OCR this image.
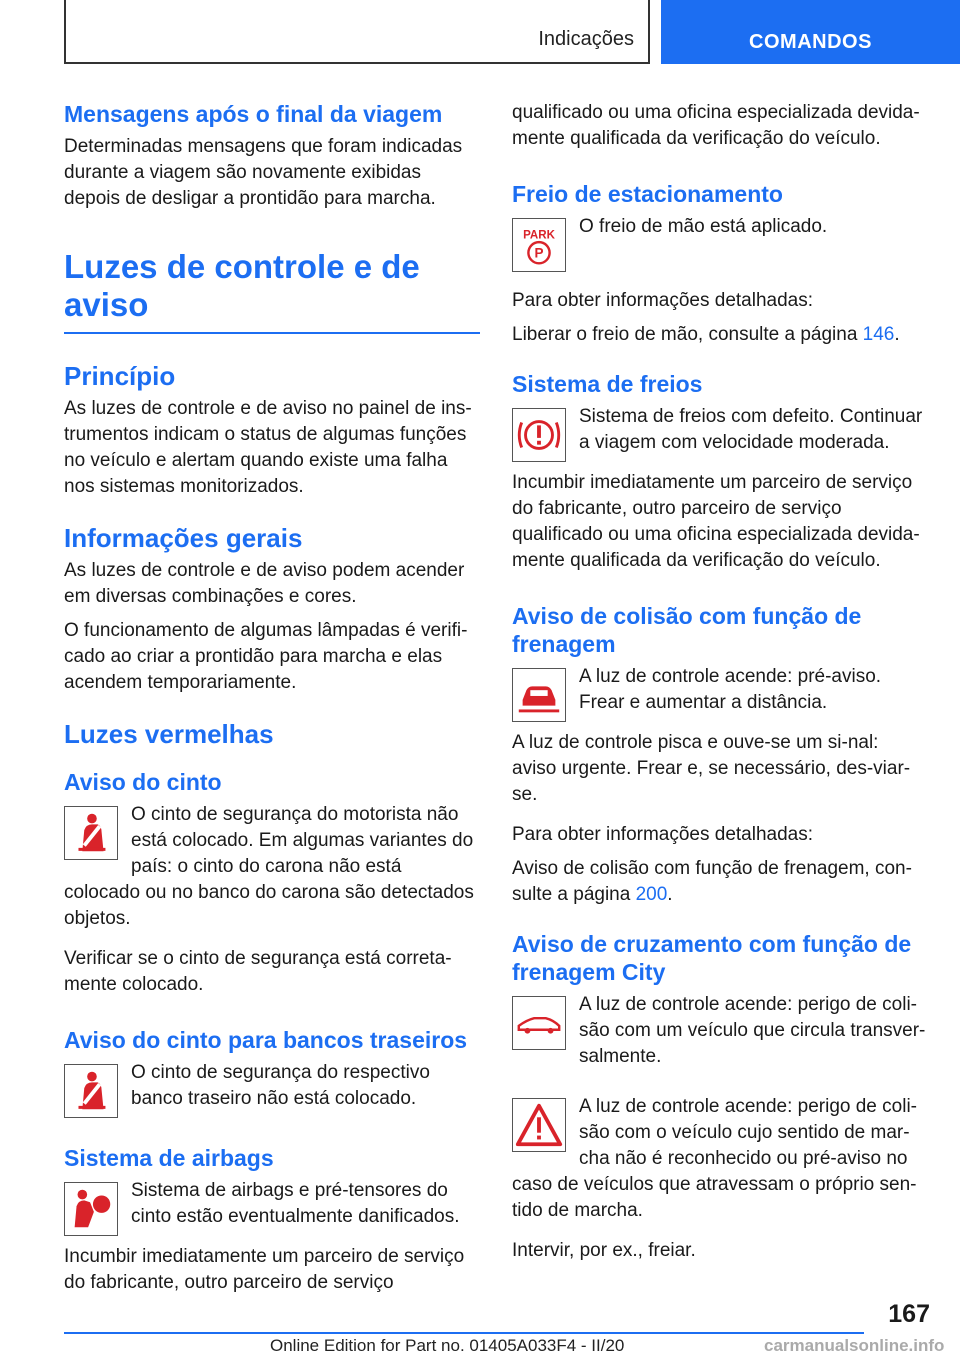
Indicações	COMANDOS
Mensagens após o final da viagem

Determinadas mensagens que foram indicadas durante a viagem são novamente exibidas depois de desligar a prontidão para marcha.

Luzes de controle e de aviso
Princípio

As luzes de controle e de aviso no painel de ins-trumentos indicam o status de algumas funções no veículo e alertam quando existe uma falha nos sistemas monitorizados.

Informações gerais

As luzes de controle e de aviso podem acender em diversas combinações e cores.

O funcionamento de algumas lâmpadas é verifi-cado ao criar a prontidão para marcha e elas acendem temporariamente.

Luzes vermelhas
Aviso do cinto

O cinto de segurança do motorista não está colocado. Em algumas variantes do país: o cinto do carona não está colocado ou no banco do carona são detectados objetos.

Verificar se o cinto de segurança está correta-mente colocado.

Aviso do cinto para bancos traseiros

O cinto de segurança do respectivo banco traseiro não está colocado.

Sistema de airbags

Sistema de airbags e pré-tensores do cinto estão eventualmente danificados.

Incumbir imediatamente um parceiro de serviço do fabricante, outro parceiro de serviço

qualificado ou uma oficina especializada devida-mente qualificada da verificação do veículo.

Freio de estacionamento
PARK
P

O freio de mão está aplicado.

Para obter informações detalhadas:

Liberar o freio de mão, consulte a página 146.

Sistema de freios

Sistema de freios com defeito. Continuar a viagem com velocidade moderada.

Incumbir imediatamente um parceiro de serviço do fabricante, outro parceiro de serviço qualificado ou uma oficina especializada devida-mente qualificada da verificação do veículo.

Aviso de colisão com função de frenagem

A luz de controle acende: pré-aviso. Frear e aumentar a distância.

A luz de controle pisca e ouve-se um si-nal: aviso urgente. Frear e, se necessário, des-viar-se.

Para obter informações detalhadas:

Aviso de colisão com função de frenagem, con-sulte a página 200.

Aviso de cruzamento com função de frenagem City

A luz de controle acende: perigo de coli-são com um veículo que circula transver-salmente.

A luz de controle acende: perigo de coli-são com o veículo cujo sentido de mar-cha não é reconhecido ou pré-aviso no caso de veículos que atravessam o próprio sen-tido de marcha.

Intervir, por ex., freiar.

167
Online Edition for Part no. 01405A033F4 - II/20	carmanualsonline.info
